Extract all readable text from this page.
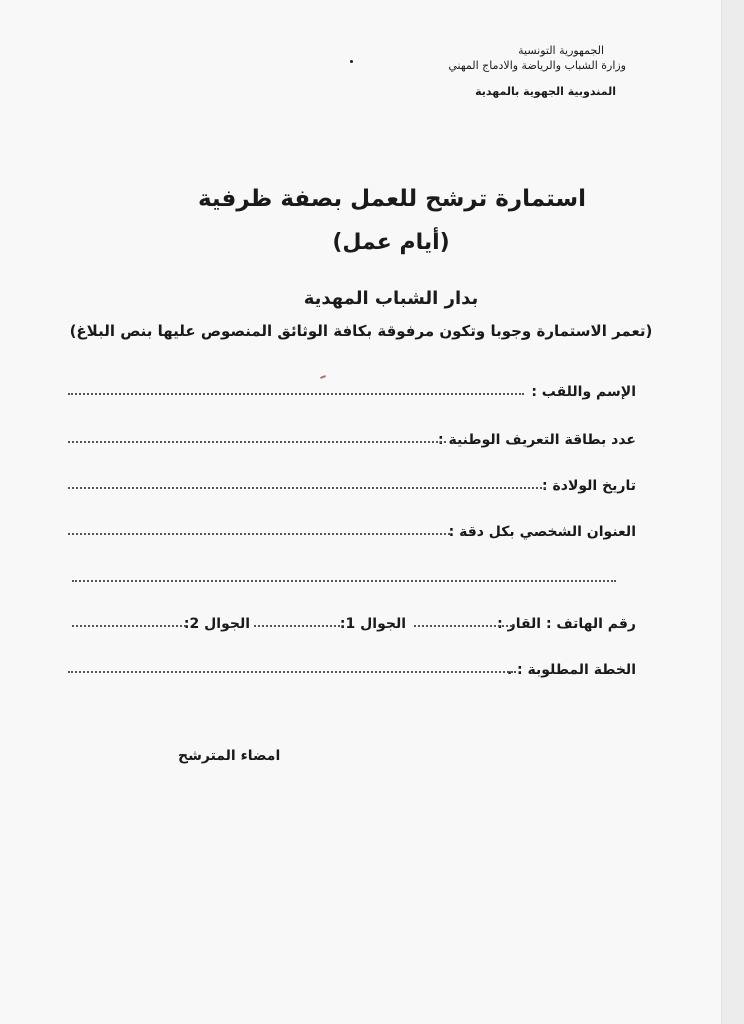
الجمهورية التونسية
وزارة الشباب والرياضة والادماج المهني
المندوبية الجهوية بالمهدية
استمارة ترشح للعمل بصفة ظرفية
(أيام عمل)
بدار الشباب المهدية
(تعمر الاستمارة وجوبا وتكون مرفوقة بكافة الوثائق المنصوص عليها بنص البلاغ)
الإسم واللقب :
عدد بطاقة التعريف الوطنية :
تاريخ الولادة :
العنوان الشخصي بكل دقة :
رقم الهاتف : القار :
الجوال 1:
الجوال 2:
الخطة المطلوبة : .
امضاء المترشح
